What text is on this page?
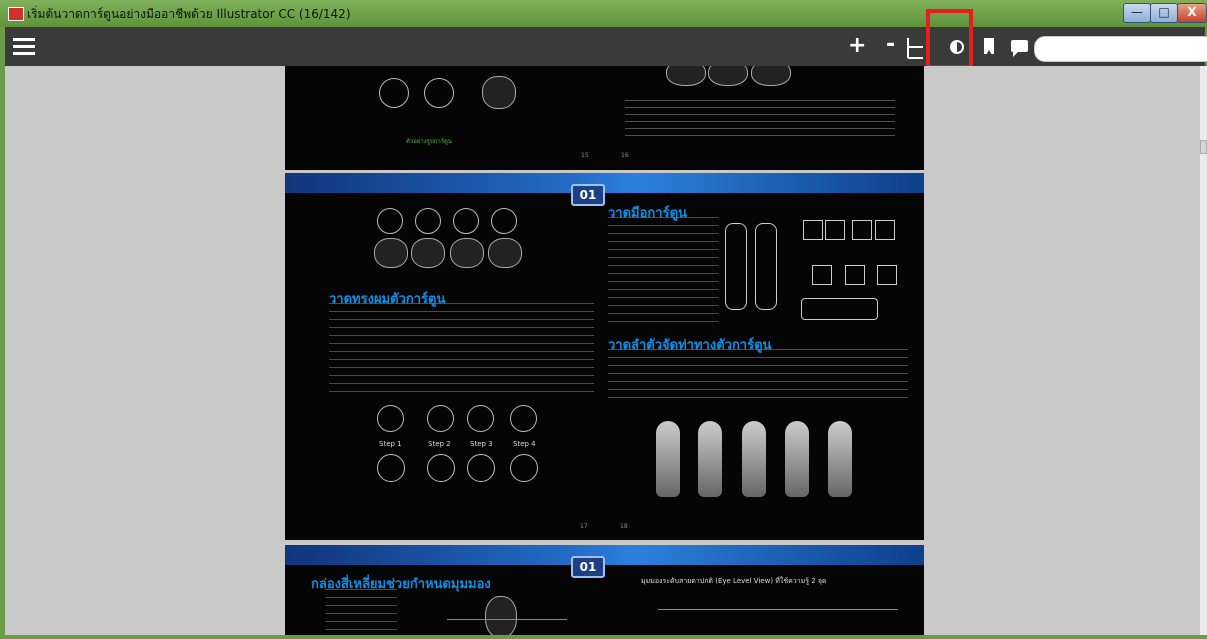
เริ่มต้นวาดการ์ตูนอย่างมืออาชีพด้วย Illustrator CC (16/142)	—	□	X
+ -
ตัวอย่างรูปการ์ตูน
15	16
01
วาดทรงผมตัวการ์ตูน
Step 1	Step 2	Step 3	Step 4
วาดมือการ์ตูน
วาดลำตัวจัดท่าทางตัวการ์ตูน
17	18
01
กล่องสี่เหลี่ยมช่วยกำหนดมุมมอง	มุมมองระดับสายตาปกติ (Eye Level View) ที่ใช้ความรู้ 2 จุด
